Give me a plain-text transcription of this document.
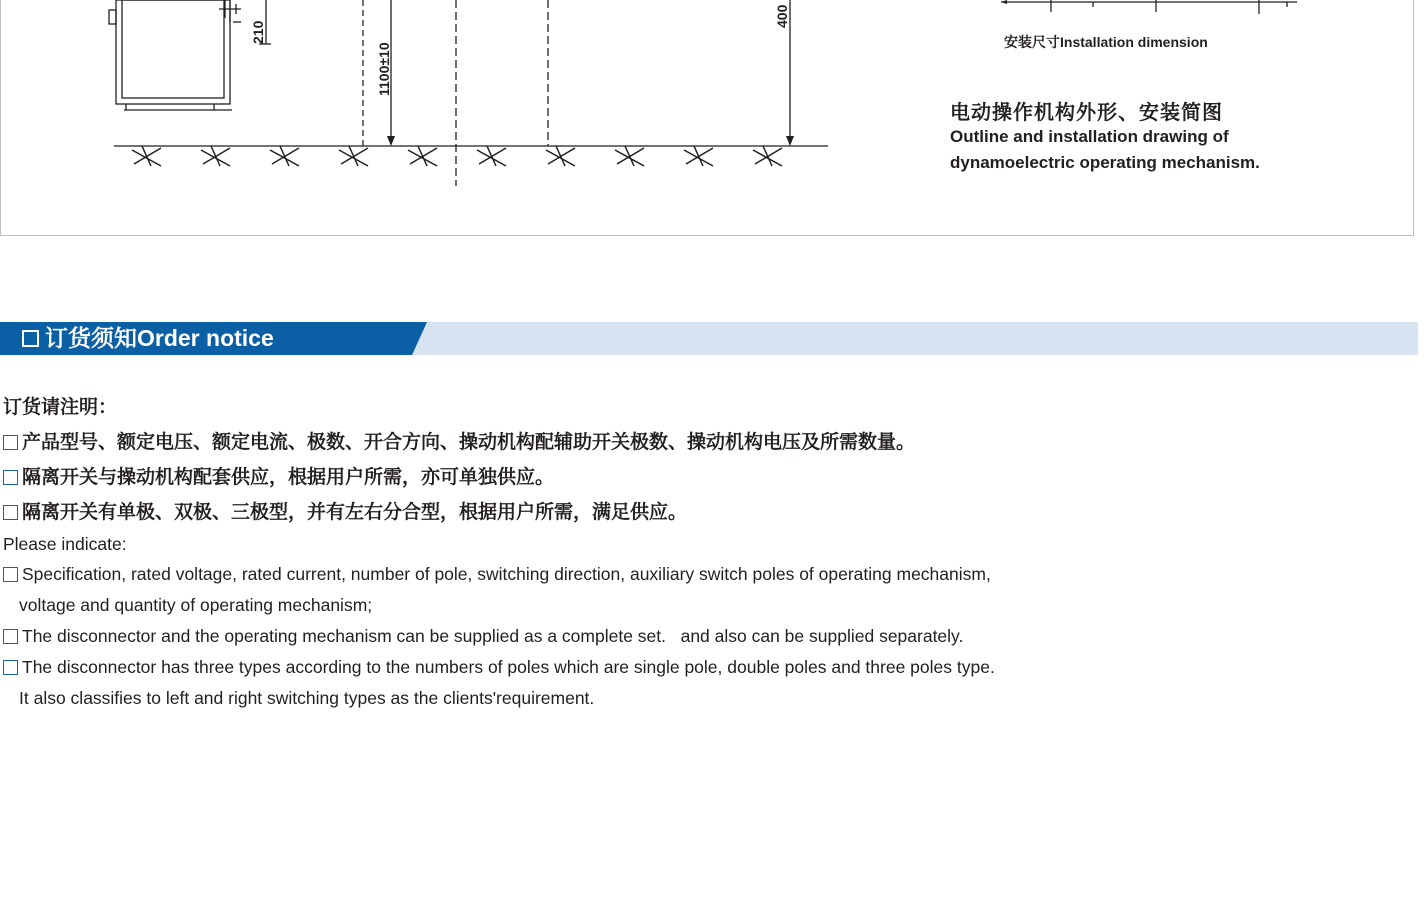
210
1100±10
400
安装尺寸Installation dimension
电动操作机构外形、安装简图
Outline and installation drawing of
dynamoelectric operating mechanism.
订货须知Order notice
订货请注明：
产品型号、额定电压、额定电流、极数、开合方向、操动机构配辅助开关极数、操动机构电压及所需数量。
隔离开关与操动机构配套供应，根据用户所需，亦可单独供应。
隔离开关有单极、双极、三极型，并有左右分合型，根据用户所需，满足供应。
Please indicate:
Specification, rated voltage, rated current, number of pole, switching direction, auxiliary switch poles of operating mechanism,
voltage and quantity of operating mechanism;
The disconnector and the operating mechanism can be supplied as a complete set.   and also can be supplied separately.
The disconnector has three types according to the numbers of poles which are single pole, double poles and three poles type.
It also classifies to left and right switching types as the clients'requirement.
